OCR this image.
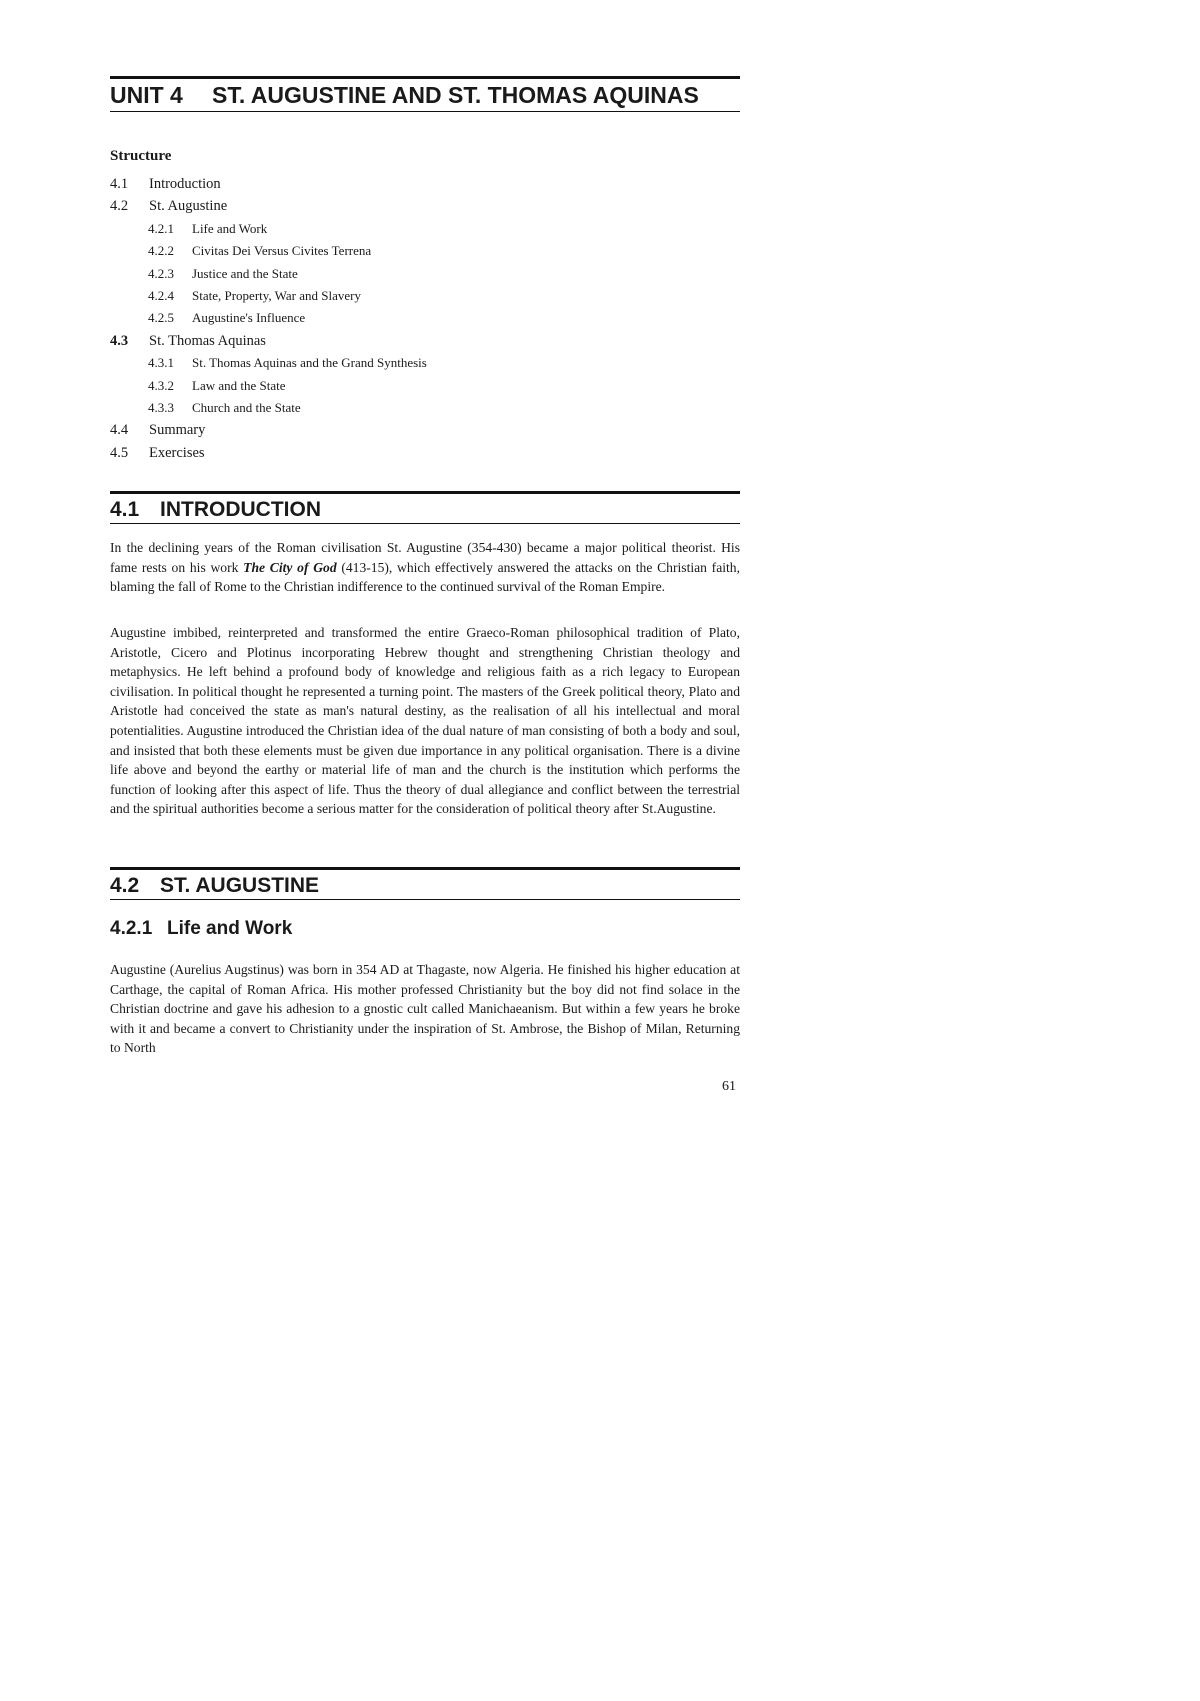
UNIT 4 ST. AUGUSTINE AND ST. THOMAS AQUINAS
Structure
4.1 Introduction
4.2 St. Augustine
4.2.1 Life and Work
4.2.2 Civitas Dei Versus Civites Terrena
4.2.3 Justice and the State
4.2.4 State, Property, War and Slavery
4.2.5 Augustine's Influence
4.3 St. Thomas Aquinas
4.3.1 St. Thomas Aquinas and the Grand Synthesis
4.3.2 Law and the State
4.3.3 Church and the State
4.4 Summary
4.5 Exercises
4.1 INTRODUCTION

In the declining years of the Roman civilisation St. Augustine (354-430) became a major political theorist. His fame rests on his work The City of God (413-15), which effectively answered the attacks on the Christian faith, blaming the fall of Rome to the Christian indifference to the continued survival of the Roman Empire.

Augustine imbibed, reinterpreted and transformed the entire Graeco-Roman philosophical tradition of Plato, Aristotle, Cicero and Plotinus incorporating Hebrew thought and strengthening Christian theology and metaphysics. He left behind a profound body of knowledge and religious faith as a rich legacy to European civilisation. In political thought he represented a turning point. The masters of the Greek political theory, Plato and Aristotle had conceived the state as man's natural destiny, as the realisation of all his intellectual and moral potentialities. Augustine introduced the Christian idea of the dual nature of man consisting of both a body and soul, and insisted that both these elements must be given due importance in any political organisation. There is a divine life above and beyond the earthy or material life of man and the church is the institution which performs the function of looking after this aspect of life. Thus the theory of dual allegiance and conflict between the terrestrial and the spiritual authorities become a serious matter for the consideration of political theory after St.Augustine.

4.2 ST. AUGUSTINE
4.2.1 Life and Work

Augustine (Aurelius Augstinus) was born in 354 AD at Thagaste, now Algeria. He finished his higher education at Carthage, the capital of Roman Africa. His mother professed Christianity but the boy did not find solace in the Christian doctrine and gave his adhesion to a gnostic cult called Manichaeanism. But within a few years he broke with it and became a convert to Christianity under the inspiration of St. Ambrose, the Bishop of Milan, Returning to North

61
